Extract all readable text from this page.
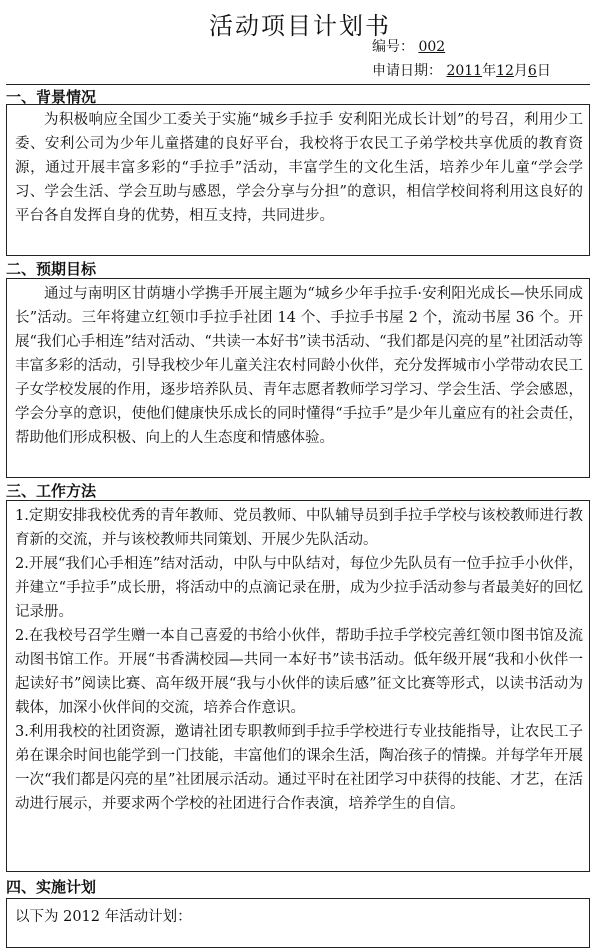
活动项目计划书
编号： 002
申请日期： 2011年12月6日
一、背景情况

为积极响应全国少工委关于实施“城乡手拉手 安利阳光成长计划”的号召，利用少工委、安利公司为少年儿童搭建的良好平台，我校将于农民工子弟学校共享优质的教育资源，通过开展丰富多彩的“手拉手”活动，丰富学生的文化生活，培养少年儿童“学会学习、学会生活、学会互助与感恩，学会分享与分担”的意识，相信学校间将利用这良好的平台各自发挥自身的优势，相互支持，共同进步。

二、预期目标

通过与南明区甘荫塘小学携手开展主题为“城乡少年手拉手·安利阳光成长—快乐同成长”活动。三年将建立红领巾手拉手社团 14 个、手拉手书屋 2 个，流动书屋 36 个。开展“我们心手相连”结对活动、“共读一本好书”读书活动、“我们都是闪亮的星”社团活动等丰富多彩的活动，引导我校少年儿童关注农村同龄小伙伴，充分发挥城市小学带动农民工子女学校发展的作用，逐步培养队员、青年志愿者教师学习学习、学会生活、学会感恩，学会分享的意识，使他们健康快乐成长的同时懂得“手拉手”是少年儿童应有的社会责任，帮助他们形成积极、向上的人生态度和情感体验。

三、工作方法

1.定期安排我校优秀的青年教师、党员教师、中队辅导员到手拉手学校与该校教师进行教育新的交流，并与该校教师共同策划、开展少先队活动。

2.开展“我们心手相连”结对活动，中队与中队结对，每位少先队员有一位手拉手小伙伴，并建立“手拉手”成长册，将活动中的点滴记录在册，成为少拉手活动参与者最美好的回忆记录册。

2.在我校号召学生赠一本自己喜爱的书给小伙伴，帮助手拉手学校完善红领巾图书馆及流动图书馆工作。开展“书香满校园—共同一本好书”读书活动。低年级开展“我和小伙伴一起读好书”阅读比赛、高年级开展“我与小伙伴的读后感”征文比赛等形式，以读书活动为载体，加深小伙伴间的交流，培养合作意识。

3.利用我校的社团资源，邀请社团专职教师到手拉手学校进行专业技能指导，让农民工子弟在课余时间也能学到一门技能，丰富他们的课余生活，陶冶孩子的情操。并每学年开展一次“我们都是闪亮的星”社团展示活动。通过平时在社团学习中获得的技能、才艺，在活动进行展示，并要求两个学校的社团进行合作表演，培养学生的自信。

四、实施计划

以下为 2012 年活动计划：
